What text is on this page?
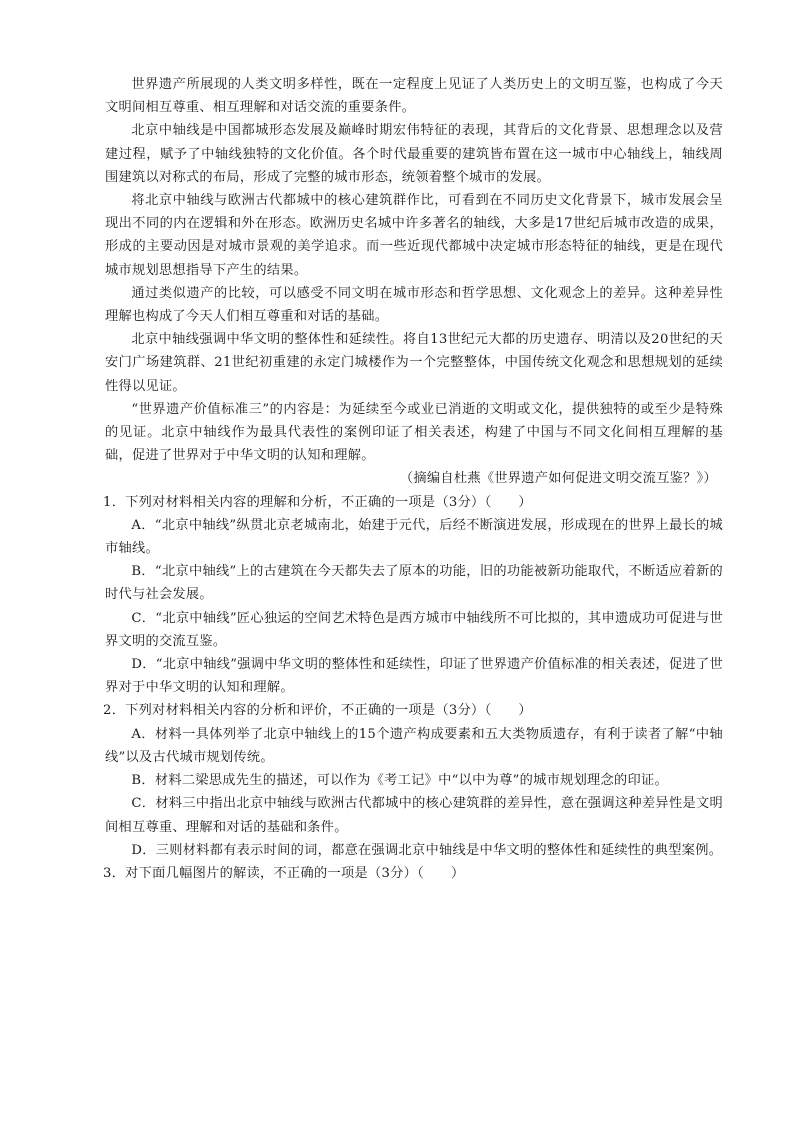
世界遗产所展现的人类文明多样性，既在一定程度上见证了人类历史上的文明互鉴，也构成了今天文明间相互尊重、相互理解和对话交流的重要条件。

北京中轴线是中国都城形态发展及巅峰时期宏伟特征的表现，其背后的文化背景、思想理念以及营建过程，赋予了中轴线独特的文化价值。各个时代最重要的建筑皆布置在这一城市中心轴线上，轴线周围建筑以对称式的布局，形成了完整的城市形态，统领着整个城市的发展。

将北京中轴线与欧洲古代都城中的核心建筑群作比，可看到在不同历史文化背景下，城市发展会呈现出不同的内在逻辑和外在形态。欧洲历史名城中许多著名的轴线，大多是17世纪后城市改造的成果，形成的主要动因是对城市景观的美学追求。而一些近现代都城中决定城市形态特征的轴线，更是在现代城市规划思想指导下产生的结果。

通过类似遗产的比较，可以感受不同文明在城市形态和哲学思想、文化观念上的差异。这种差异性理解也构成了今天人们相互尊重和对话的基础。

北京中轴线强调中华文明的整体性和延续性。将自13世纪元大都的历史遗存、明清以及20世纪的天安门广场建筑群、21世纪初重建的永定门城楼作为一个完整整体，中国传统文化观念和思想规划的延续性得以见证。

“世界遗产价值标准三”的内容是：为延续至今或业已消逝的文明或文化，提供独特的或至少是特殊的见证。北京中轴线作为最具代表性的案例印证了相关表述，构建了中国与不同文化间相互理解的基础，促进了世界对于中华文明的认知和理解。

（摘编自杜燕《世界遗产如何促进文明交流互鉴？》）

1．下列对材料相关内容的理解和分析，不正确的一项是（3分）（　　）

A．“北京中轴线”纵贯北京老城南北，始建于元代，后经不断演进发展，形成现在的世界上最长的城市轴线。

B．“北京中轴线”上的古建筑在今天都失去了原本的功能，旧的功能被新功能取代，不断适应着新的时代与社会发展。

C．“北京中轴线”匠心独运的空间艺术特色是西方城市中轴线所不可比拟的，其申遗成功可促进与世界文明的交流互鉴。

D．“北京中轴线”强调中华文明的整体性和延续性，印证了世界遗产价值标准的相关表述，促进了世界对于中华文明的认知和理解。

2．下列对材料相关内容的分析和评价，不正确的一项是（3分）（　　）

A．材料一具体列举了北京中轴线上的15个遗产构成要素和五大类物质遗存，有利于读者了解“中轴线”以及古代城市规划传统。

B．材料二梁思成先生的描述，可以作为《考工记》中“以中为尊”的城市规划理念的印证。

C．材料三中指出北京中轴线与欧洲古代都城中的核心建筑群的差异性，意在强调这种差异性是文明间相互尊重、理解和对话的基础和条件。

D．三则材料都有表示时间的词，都意在强调北京中轴线是中华文明的整体性和延续性的典型案例。

3．对下面几幅图片的解读，不正确的一项是（3分）（　　）
